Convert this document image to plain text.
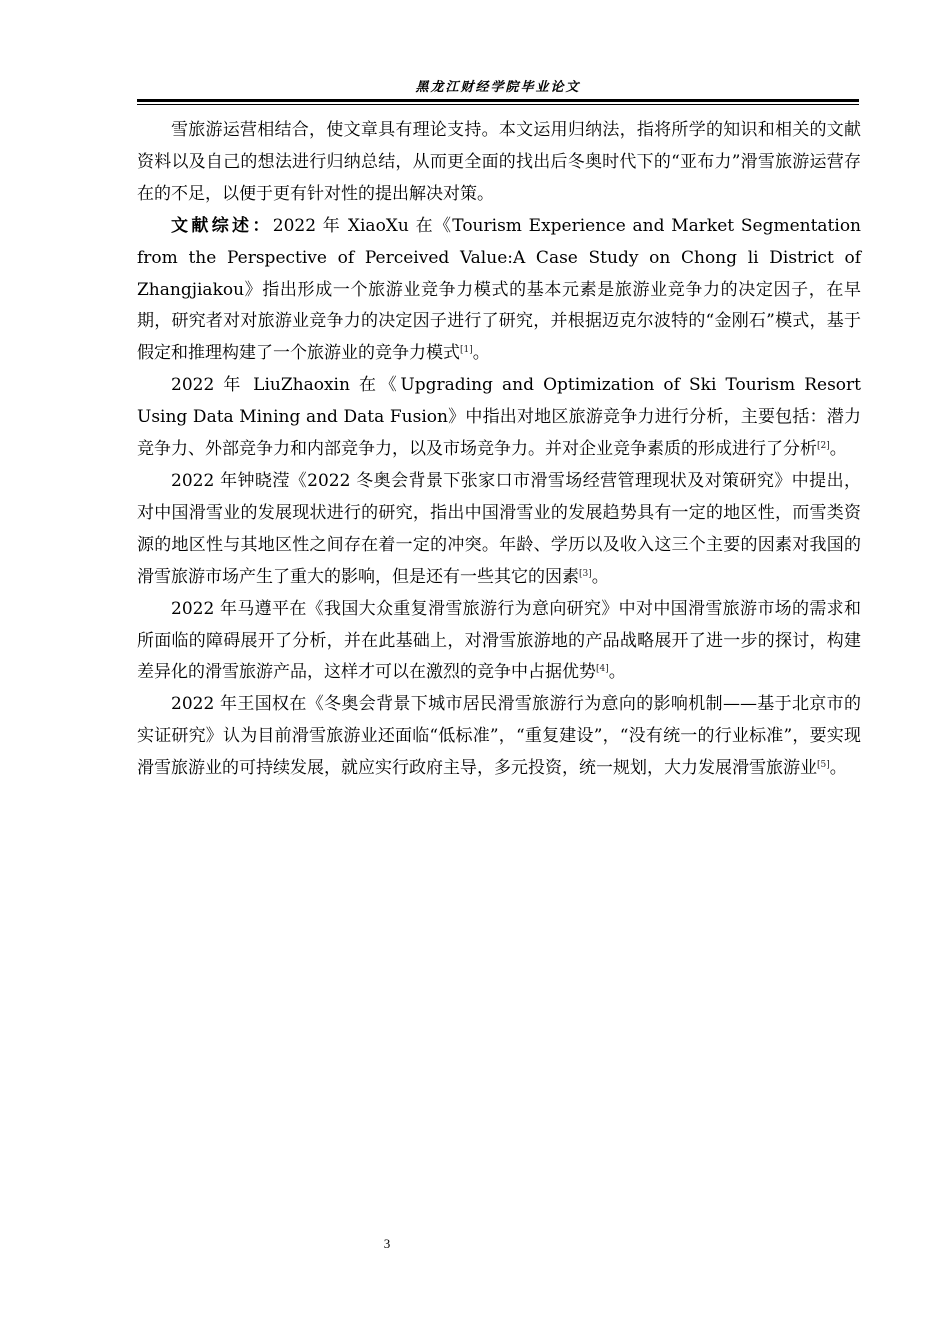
黑龙江财经学院毕业论文

雪旅游运营相结合，使文章具有理论支持。本文运用归纳法，指将所学的知识和相关的文献资料以及自己的想法进行归纳总结，从而更全面的找出后冬奥时代下的“亚布力”滑雪旅游运营存在的不足，以便于更有针对性的提出解决对策。

文献综述：2022 年 XiaoXu 在《Tourism Experience and Market Segmentation from the Perspective of Perceived Value:A Case Study on Chong li District of Zhangjiakou》指出形成一个旅游业竞争力模式的基本元素是旅游业竞争力的决定因子，在早期，研究者对对旅游业竞争力的决定因子进行了研究，并根据迈克尔波特的“金刚石”模式，基于假定和推理构建了一个旅游业的竞争力模式[1]。

2022 年 LiuZhaoxin 在《Upgrading and Optimization of Ski Tourism Resort Using Data Mining and Data Fusion》中指出对地区旅游竞争力进行分析，主要包括：潜力竞争力、外部竞争力和内部竞争力，以及市场竞争力。并对企业竞争素质的形成进行了分析[2]。

2022 年钟晓滢《2022 冬奥会背景下张家口市滑雪场经营管理现状及对策研究》中提出，对中国滑雪业的发展现状进行的研究，指出中国滑雪业的发展趋势具有一定的地区性，而雪类资源的地区性与其地区性之间存在着一定的冲突。年龄、学历以及收入这三个主要的因素对我国的滑雪旅游市场产生了重大的影响，但是还有一些其它的因素[3]。

2022 年马遵平在《我国大众重复滑雪旅游行为意向研究》中对中国滑雪旅游市场的需求和所面临的障碍展开了分析，并在此基础上，对滑雪旅游地的产品战略展开了进一步的探讨，构建差异化的滑雪旅游产品，这样才可以在激烈的竞争中占据优势[4]。

2022 年王国权在《冬奥会背景下城市居民滑雪旅游行为意向的影响机制——基于北京市的实证研究》认为目前滑雪旅游业还面临“低标准”，“重复建设”，“没有统一的行业标准”，要实现滑雪旅游业的可持续发展，就应实行政府主导，多元投资，统一规划，大力发展滑雪旅游业[5]。

3
